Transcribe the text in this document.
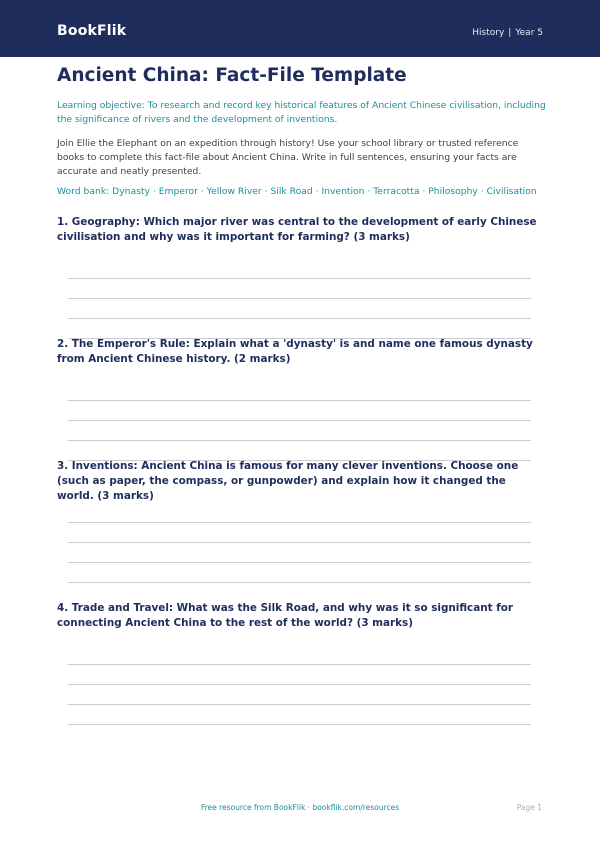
BookFlik	History | Year 5
Ancient China: Fact-File Template
Learning objective: To research and record key historical features of Ancient Chinese civilisation, including the significance of rivers and the development of inventions.
Join Ellie the Elephant on an expedition through history! Use your school library or trusted reference books to complete this fact-file about Ancient China. Write in full sentences, ensuring your facts are accurate and neatly presented.
Word bank: Dynasty · Emperor · Yellow River · Silk Road · Invention · Terracotta · Philosophy · Civilisation
1. Geography: Which major river was central to the development of early Chinese civilisation and why was it important for farming? (3 marks)
2. The Emperor's Rule: Explain what a 'dynasty' is and name one famous dynasty from Ancient Chinese history. (2 marks)
3. Inventions: Ancient China is famous for many clever inventions. Choose one (such as paper, the compass, or gunpowder) and explain how it changed the world. (3 marks)
4. Trade and Travel: What was the Silk Road, and why was it so significant for connecting Ancient China to the rest of the world? (3 marks)
Free resource from BookFlik · bookflik.com/resources	Page 1
